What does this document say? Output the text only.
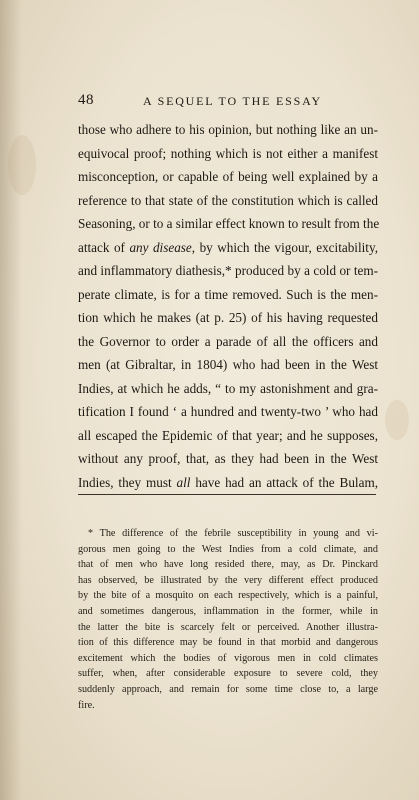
48	A SEQUEL TO THE ESSAY
those who adhere to his opinion, but nothing like an un-
equivocal proof; nothing which is not either a manifest
misconception, or capable of being well explained by a
reference to that state of the constitution which is called
Seasoning, or to a similar effect known to result from the
attack of any disease, by which the vigour, excitability,
and inflammatory diathesis,* produced by a cold or tem-
perate climate, is for a time removed. Such is the men-
tion which he makes (at p. 25) of his having requested
the Governor to order a parade of all the officers and
men (at Gibraltar, in 1804) who had been in the West
Indies, at which he adds, “ to my astonishment and gra-
tification I found ‘ a hundred and twenty-two ’ who had
all escaped the Epidemic of that year; and he supposes,
without any proof, that, as they had been in the West
Indies, they must all have had an attack of the Bulam,
* The difference of the febrile susceptibility in young and vi-
gorous men going to the West Indies from a cold climate, and
that of men who have long resided there, may, as Dr. Pinckard
has observed, be illustrated by the very different effect produced
by the bite of a mosquito on each respectively, which is a painful,
and sometimes dangerous, inflammation in the former, while in
the latter the bite is scarcely felt or perceived. Another illustra-
tion of this difference may be found in that morbid and dangerous
excitement which the bodies of vigorous men in cold climates
suffer, when, after considerable exposure to severe cold, they
suddenly approach, and remain for some time close to, a large
fire.
